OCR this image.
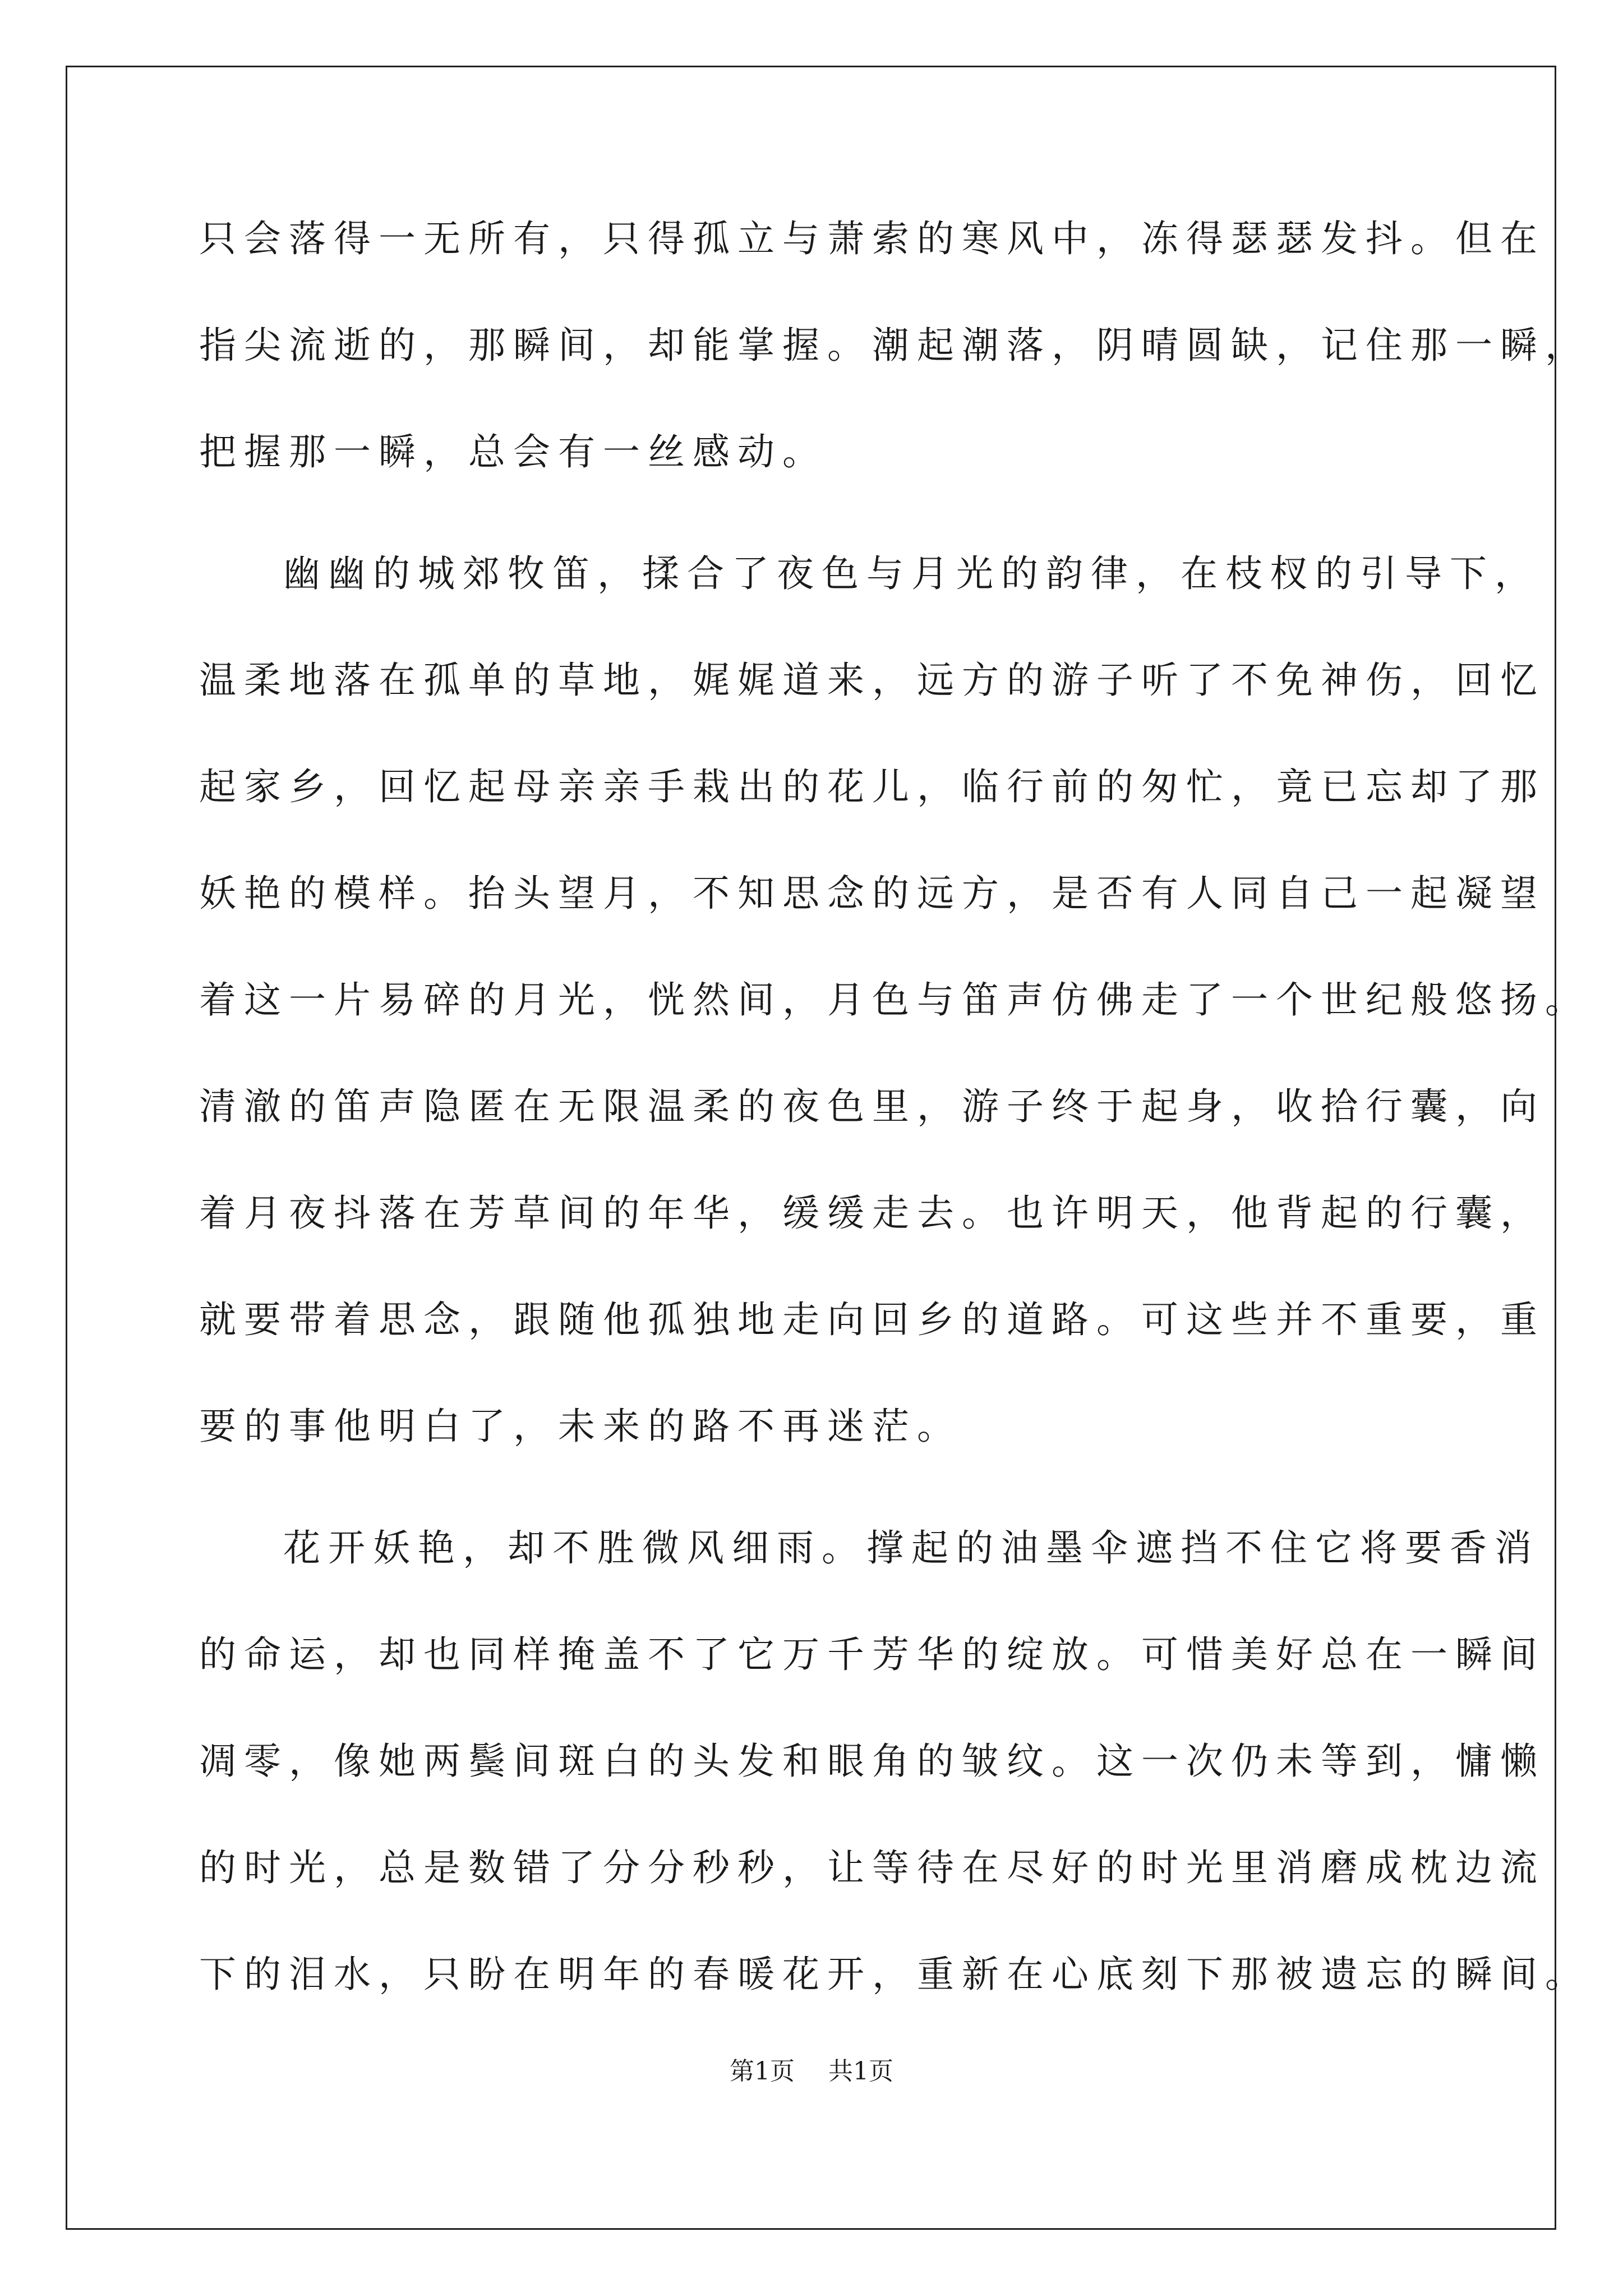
只会落得一无所有，只得孤立与萧索的寒风中，冻得瑟瑟发抖。但在
指尖流逝的，那瞬间，却能掌握。潮起潮落，阴晴圆缺，记住那一瞬，
把握那一瞬，总会有一丝感动。
幽幽的城郊牧笛，揉合了夜色与月光的韵律，在枝杈的引导下，
温柔地落在孤单的草地，娓娓道来，远方的游子听了不免神伤，回忆
起家乡，回忆起母亲亲手栽出的花儿，临行前的匆忙，竟已忘却了那
妖艳的模样。抬头望月，不知思念的远方，是否有人同自己一起凝望
着这一片易碎的月光，恍然间，月色与笛声仿佛走了一个世纪般悠扬。
清澈的笛声隐匿在无限温柔的夜色里，游子终于起身，收拾行囊，向
着月夜抖落在芳草间的年华，缓缓走去。也许明天，他背起的行囊，
就要带着思念，跟随他孤独地走向回乡的道路。可这些并不重要，重
要的事他明白了，未来的路不再迷茫。
花开妖艳，却不胜微风细雨。撑起的油墨伞遮挡不住它将要香消
的命运，却也同样掩盖不了它万千芳华的绽放。可惜美好总在一瞬间
凋零，像她两鬓间斑白的头发和眼角的皱纹。这一次仍未等到，慵懒
的时光，总是数错了分分秒秒，让等待在尽好的时光里消磨成枕边流
下的泪水，只盼在明年的春暖花开，重新在心底刻下那被遗忘的瞬间。
第1页 共1页
